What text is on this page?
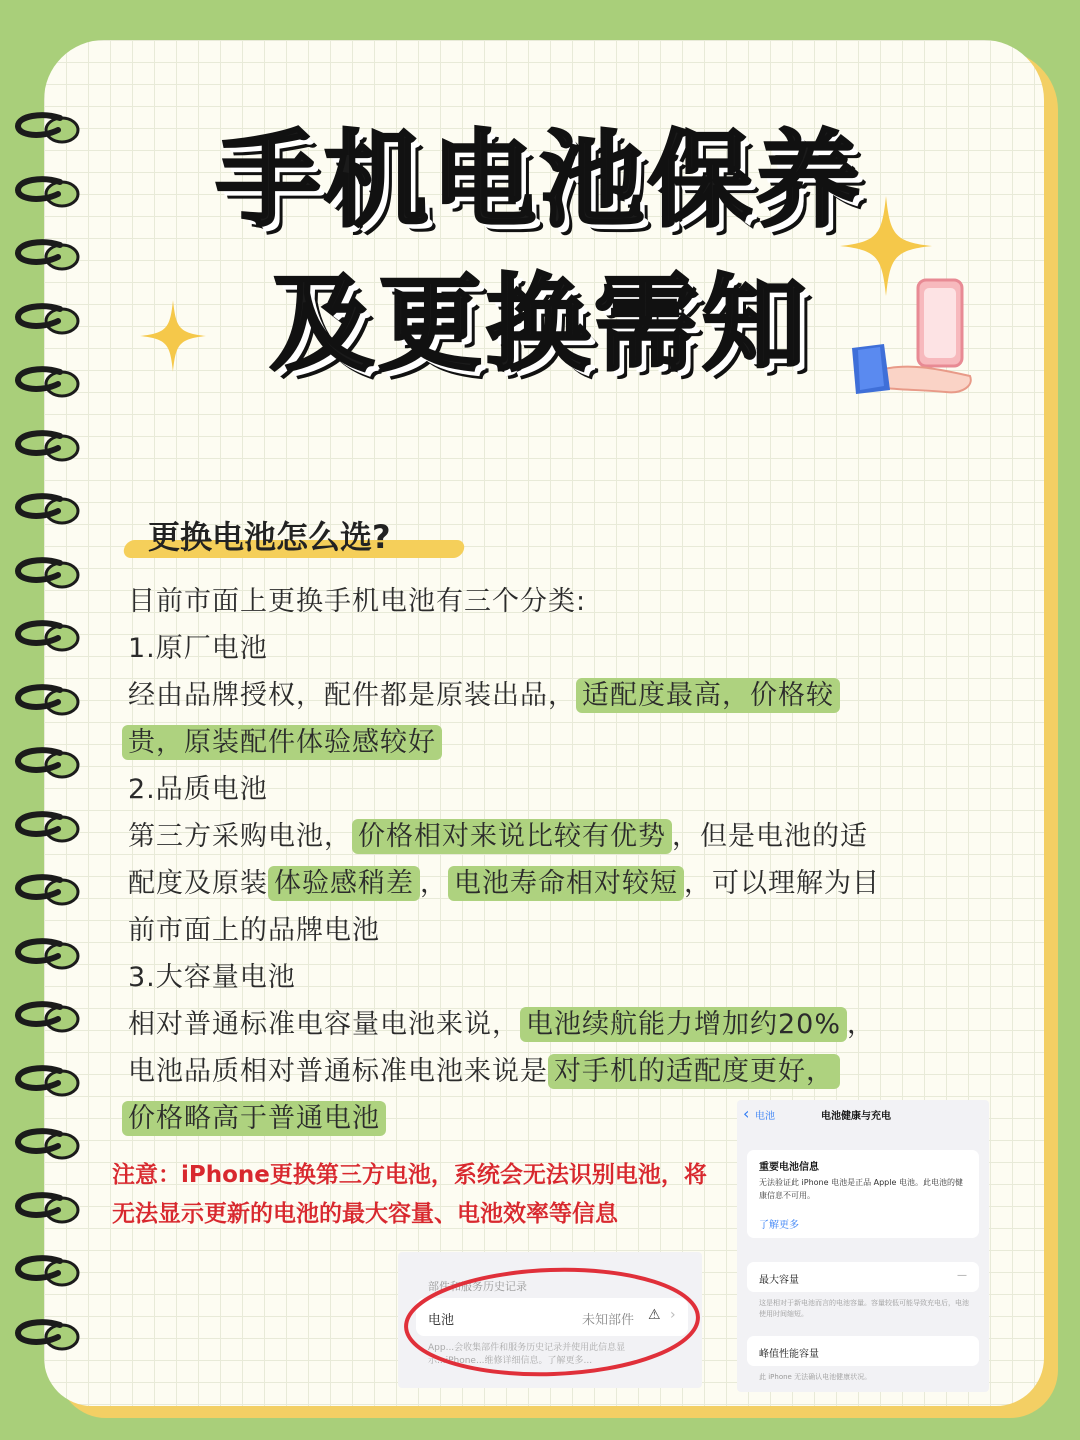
手机电池保养
及更换需知
更换电池怎么选?
目前市面上更换手机电池有三个分类:
1.原厂电池
经由品牌授权，配件都是原装出品， 适配度最高，价格较
贵，原装配件体验感较好
2.品质电池
第三方采购电池， 价格相对来说比较有优势 ，但是电池的适
配度及原装 体验感稍差 ， 电池寿命相对较短 ，可以理解为目
前市面上的品牌电池
3.大容量电池
相对普通标准电容量电池来说， 电池续航能力增加约20% ，
电池品质相对普通标准电池来说是 对手机的适配度更好，
价格略高于普通电池
注意：iPhone更换第三方电池，系统会无法识别电池，将无法显示更新的电池的最大容量、电池效率等信息
部件和服务历史记录
电池	未知部件 ⚠ ›
App...会收集部件和服务历史记录并使用此信息显示...iPhone...维修详细信息。了解更多...
‹ 电池	电池健康与充电
重要电池信息
无法验证此 iPhone 电池是正品 Apple 电池。此电池的健康信息不可用。
了解更多
最大容量	—
这是相对于新电池而言的电池容量。容量较低可能导致充电后，电池使用时间缩短。
峰值性能容量
此 iPhone 无法确认电池健康状况。
